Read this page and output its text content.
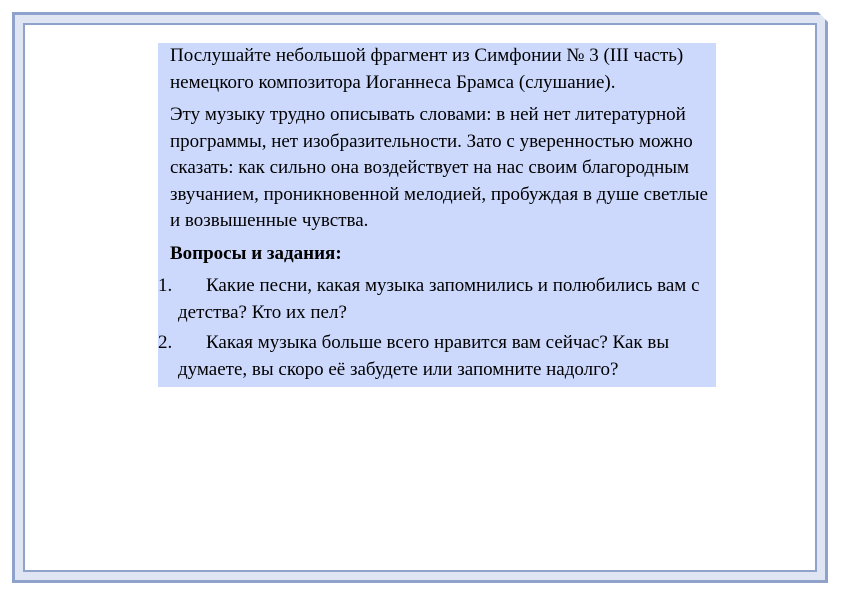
Послушайте небольшой фрагмент из Симфонии № 3 (III часть) немецкого композитора Иоганнеса Брамса (слушание).

Эту музыку трудно описывать словами: в ней нет литературной программы, нет изобразительности. Зато с уверенностью можно сказать: как сильно она воздействует на нас своим благородным звучанием, проникновенной мелодией, пробуждая в душе светлые и возвышенные чувства.

Вопросы и задания:

1. Какие песни, какая музыка запомнились и полюбились вам с детства? Кто их пел?
2. Какая музыка больше всего нравится вам сейчас? Как вы думаете, вы скоро её забудете или запомните надолго?
